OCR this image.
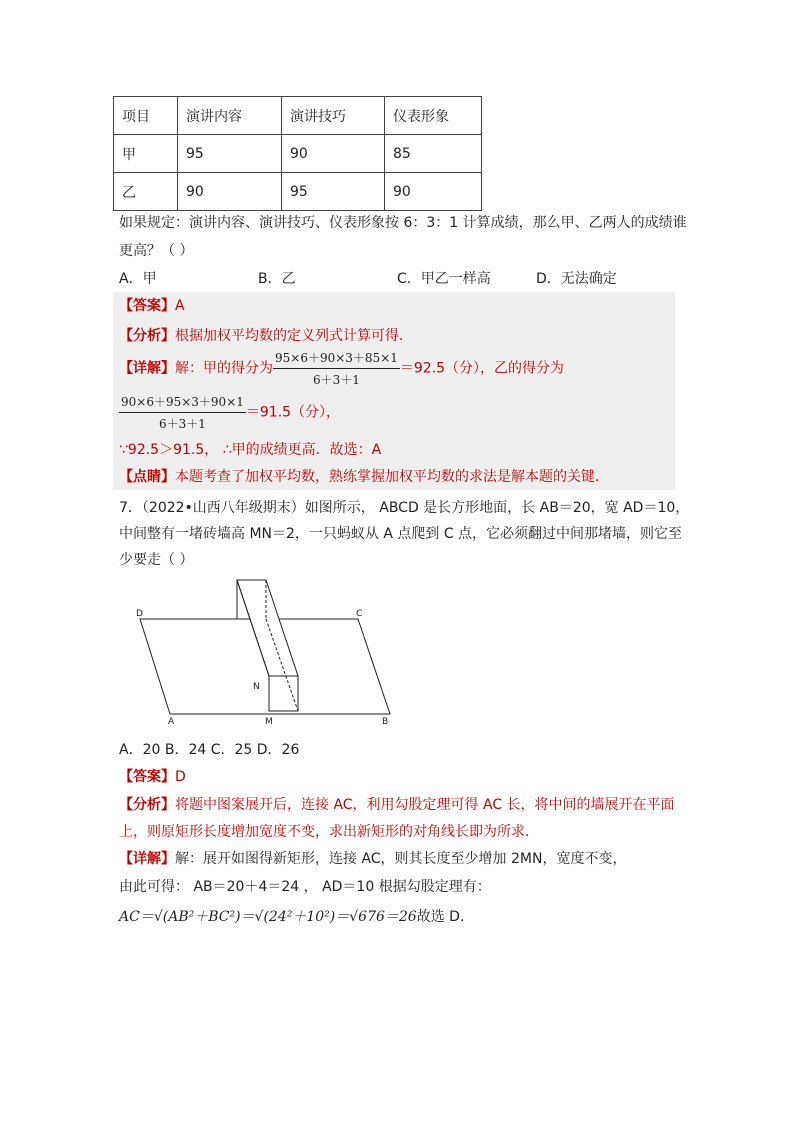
项目	演讲内容	演讲技巧	仪表形象
甲	95	90	85
乙	90	95	90
如果规定：演讲内容、演讲技巧、仪表形象按 6：3：1 计算成绩，那么甲、乙两人的成绩谁
更高？（ ）
A．甲	B．乙	C．甲乙一样高	D．无法确定
【答案】A
【分析】根据加权平均数的定义列式计算可得．
【详解】解：甲的得分为 $\frac{95\times 6+90\times 3+85\times 1}{6+3+1} =92.5$（分），乙的得分为
$\frac{90\times 6+95\times 3+90\times 1}{6+3+1} =91.5$（分），
∵92.5＞91.5， ∴甲的成绩更高．故选：A
【点睛】本题考查了加权平均数，熟练掌握加权平均数的求法是解本题的关键．
7．（2022•山西八年级期末）如图所示， ABCD 是长方形地面，长 AB＝20，宽 AD＝10，
中间整有一堵砖墙高 MN＝2，一只蚂蚁从 A 点爬到 C 点，它必须翻过中间那堵墙，则它至
少要走（ ）
D	C
A	M	B
N
A．20 B．24 C．25 D．26
【答案】D
【分析】将题中图案展开后，连接 AC，利用勾股定理可得 AC 长，将中间的墙展开在平面
上，则原矩形长度增加宽度不变，求出新矩形的对角线长即为所求．
【详解】解：展开如图得新矩形，连接 AC，则其长度至少增加 2MN，宽度不变，
由此可得： AB＝20＋4＝24 ， AD＝10 根据勾股定理有：
AC＝√(AB²＋BC²)＝√(24²＋10²)＝√676＝26故选 D.
